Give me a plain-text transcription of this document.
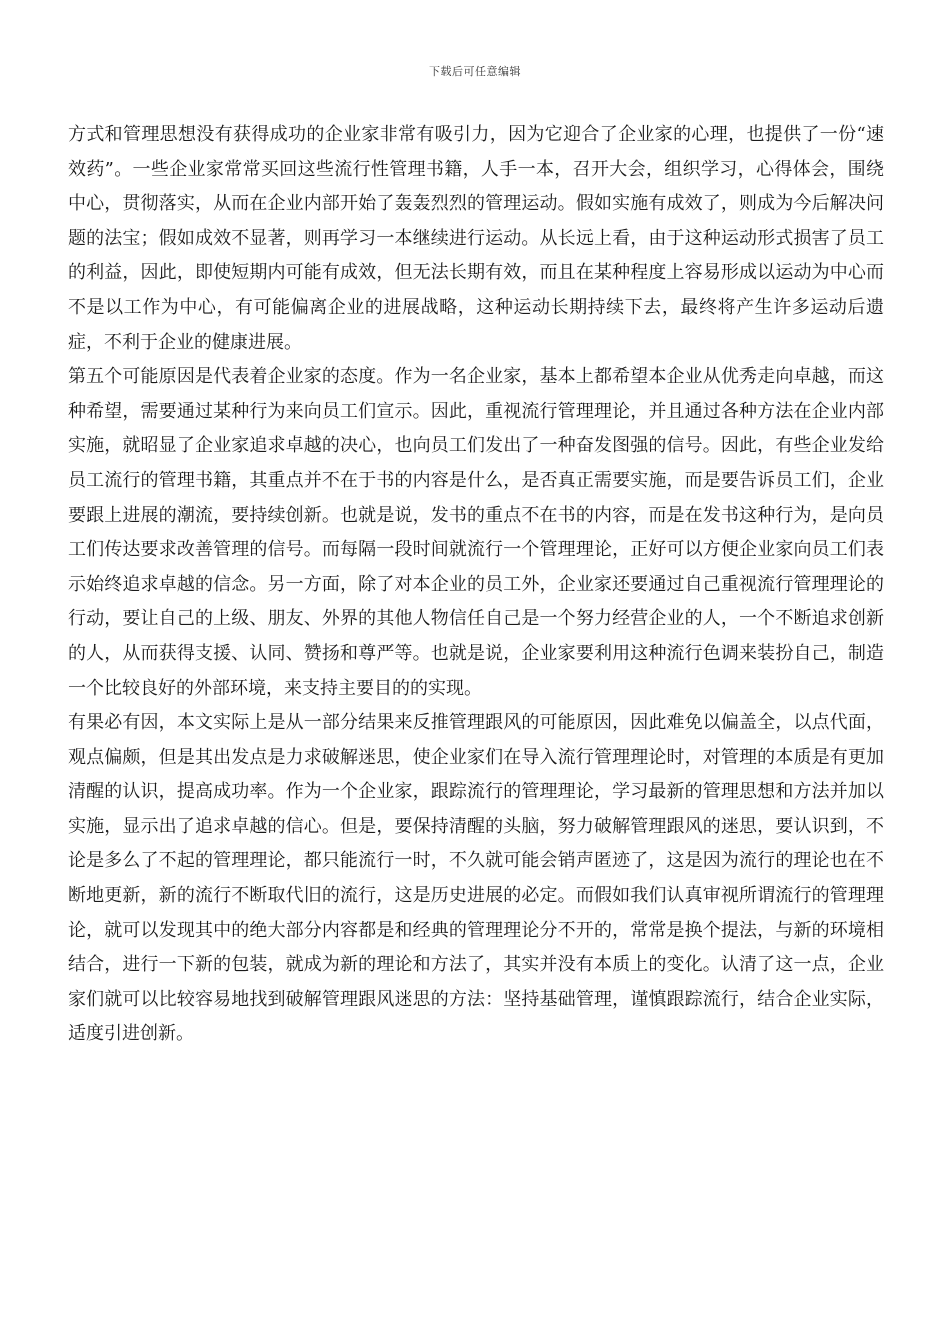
下载后可任意编辑

方式和管理思想没有获得成功的企业家非常有吸引力，因为它迎合了企业家的心理，也提供了一份“速效药”。一些企业家常常买回这些流行性管理书籍，人手一本，召开大会，组织学习，心得体会，围绕中心，贯彻落实，从而在企业内部开始了轰轰烈烈的管理运动。假如实施有成效了，则成为今后解决问题的法宝；假如成效不显著，则再学习一本继续进行运动。从长远上看，由于这种运动形式损害了员工的利益，因此，即使短期内可能有成效，但无法长期有效，而且在某种程度上容易形成以运动为中心而不是以工作为中心，有可能偏离企业的进展战略，这种运动长期持续下去，最终将产生许多运动后遗症，不利于企业的健康进展。

第五个可能原因是代表着企业家的态度。作为一名企业家，基本上都希望本企业从优秀走向卓越，而这种希望，需要通过某种行为来向员工们宣示。因此，重视流行管理理论，并且通过各种方法在企业内部实施，就昭显了企业家追求卓越的决心，也向员工们发出了一种奋发图强的信号。因此，有些企业发给员工流行的管理书籍，其重点并不在于书的内容是什么，是否真正需要实施，而是要告诉员工们，企业要跟上进展的潮流，要持续创新。也就是说，发书的重点不在书的内容，而是在发书这种行为，是向员工们传达要求改善管理的信号。而每隔一段时间就流行一个管理理论，正好可以方便企业家向员工们表示始终追求卓越的信念。另一方面，除了对本企业的员工外，企业家还要通过自己重视流行管理理论的行动，要让自己的上级、朋友、外界的其他人物信任自己是一个努力经营企业的人，一个不断追求创新的人，从而获得支援、认同、赞扬和尊严等。也就是说，企业家要利用这种流行色调来装扮自己，制造一个比较良好的外部环境，来支持主要目的的实现。

有果必有因，本文实际上是从一部分结果来反推管理跟风的可能原因，因此难免以偏盖全，以点代面，观点偏颇，但是其出发点是力求破解迷思，使企业家们在导入流行管理理论时，对管理的本质是有更加清醒的认识，提高成功率。作为一个企业家，跟踪流行的管理理论，学习最新的管理思想和方法并加以实施，显示出了追求卓越的信心。但是，要保持清醒的头脑，努力破解管理跟风的迷思，要认识到，不论是多么了不起的管理理论，都只能流行一时，不久就可能会销声匿迹了，这是因为流行的理论也在不断地更新，新的流行不断取代旧的流行，这是历史进展的必定。而假如我们认真审视所谓流行的管理理论，就可以发现其中的绝大部分内容都是和经典的管理理论分不开的，常常是换个提法，与新的环境相结合，进行一下新的包装，就成为新的理论和方法了，其实并没有本质上的变化。认清了这一点，企业家们就可以比较容易地找到破解管理跟风迷思的方法：坚持基础管理，谨慎跟踪流行，结合企业实际，适度引进创新。
